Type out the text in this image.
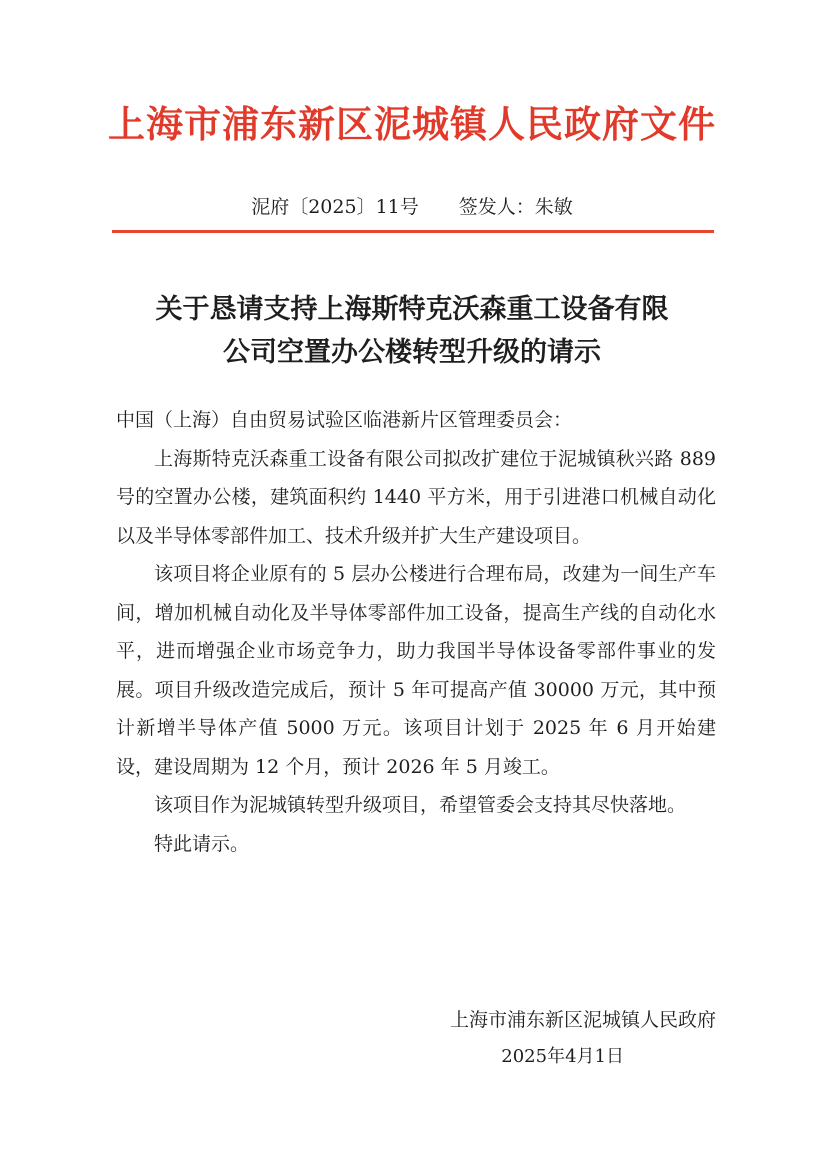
上海市浦东新区泥城镇人民政府文件
泥府〔2025〕11号 签发人：朱敏
关于恳请支持上海斯特克沃森重工设备有限
公司空置办公楼转型升级的请示

中国（上海）自由贸易试验区临港新片区管理委员会：

上海斯特克沃森重工设备有限公司拟改扩建位于泥城镇秋兴路 889 号的空置办公楼，建筑面积约 1440 平方米，用于引进港口机械自动化以及半导体零部件加工、技术升级并扩大生产建设项目。

该项目将企业原有的 5 层办公楼进行合理布局，改建为一间生产车间，增加机械自动化及半导体零部件加工设备，提高生产线的自动化水平，进而增强企业市场竞争力，助力我国半导体设备零部件事业的发展。项目升级改造完成后，预计 5 年可提高产值 30000 万元，其中预计新增半导体产值 5000 万元。该项目计划于 2025 年 6 月开始建设，建设周期为 12 个月，预计 2026 年 5 月竣工。

该项目作为泥城镇转型升级项目，希望管委会支持其尽快落地。

特此请示。

上海市浦东新区泥城镇人民政府
2025年4月1日
